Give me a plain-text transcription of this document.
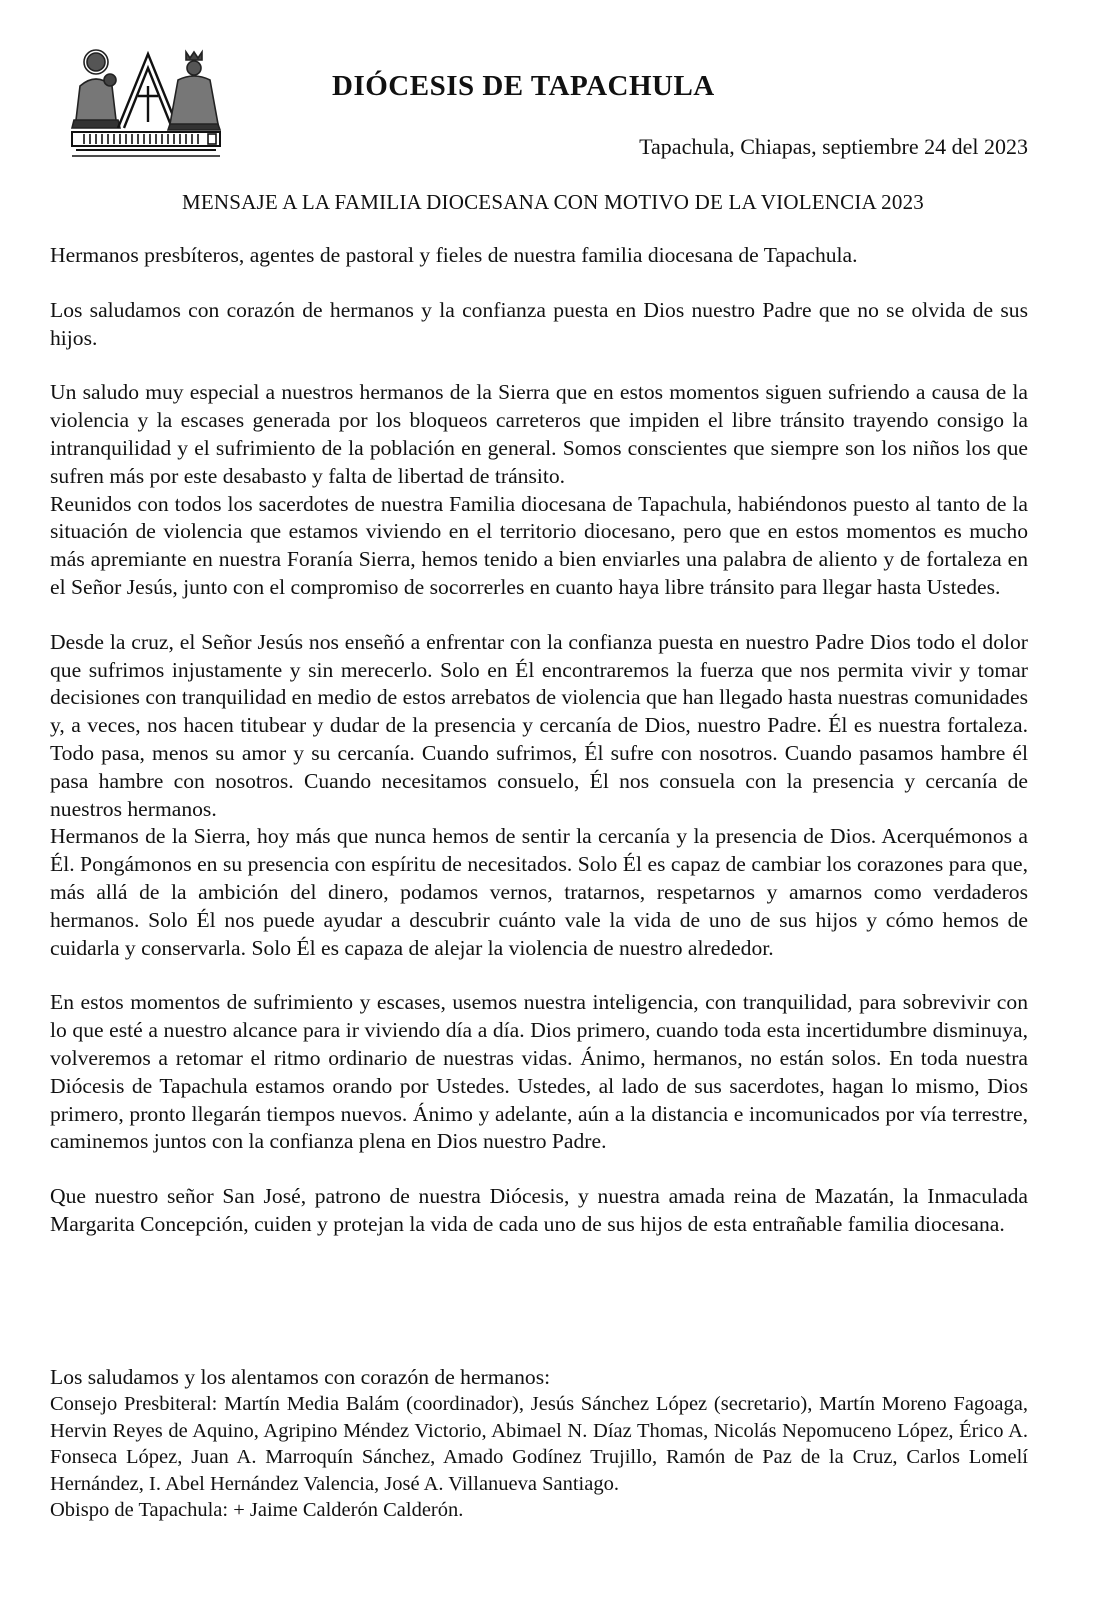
DIÓCESIS DE TAPACHULA

Tapachula, Chiapas, septiembre 24 del 2023

MENSAJE A LA FAMILIA DIOCESANA CON MOTIVO DE LA VIOLENCIA 2023

Hermanos presbíteros, agentes de pastoral y fieles de nuestra familia diocesana de Tapachula.

Los saludamos con corazón de hermanos y la confianza puesta en Dios nuestro Padre que no se olvida de sus hijos.

Un saludo muy especial a nuestros hermanos de la Sierra que en estos momentos siguen sufriendo a causa de la violencia y la escases generada por los bloqueos carreteros que impiden el libre tránsito trayendo consigo la intranquilidad y el sufrimiento de la población en general. Somos conscientes que siempre son los niños los que sufren más por este desabasto y falta de libertad de tránsito.

Reunidos con todos los sacerdotes de nuestra Familia diocesana de Tapachula, habiéndonos puesto al tanto de la situación de violencia que estamos viviendo en el territorio diocesano, pero que en estos momentos es mucho más apremiante en nuestra Foranía Sierra, hemos tenido a bien enviarles una palabra de aliento y de fortaleza en el Señor Jesús, junto con el compromiso de socorrerles en cuanto haya libre tránsito para llegar hasta Ustedes.

Desde la cruz, el Señor Jesús nos enseñó a enfrentar con la confianza puesta en nuestro Padre Dios todo el dolor que sufrimos injustamente y sin merecerlo. Solo en Él encontraremos la fuerza que nos permita vivir y tomar decisiones con tranquilidad en medio de estos arrebatos de violencia que han llegado hasta nuestras comunidades y, a veces, nos hacen titubear y dudar de la presencia y cercanía de Dios, nuestro Padre. Él es nuestra fortaleza. Todo pasa, menos su amor y su cercanía. Cuando sufrimos, Él sufre con nosotros. Cuando pasamos hambre él pasa hambre con nosotros. Cuando necesitamos consuelo, Él nos consuela con la presencia y cercanía de nuestros hermanos.

Hermanos de la Sierra, hoy más que nunca hemos de sentir la cercanía y la presencia de Dios. Acerquémonos a Él. Pongámonos en su presencia con espíritu de necesitados. Solo Él es capaz de cambiar los corazones para que, más allá de la ambición del dinero, podamos vernos, tratarnos, respetarnos y amarnos como verdaderos hermanos. Solo Él nos puede ayudar a descubrir cuánto vale la vida de uno de sus hijos y cómo hemos de cuidarla y conservarla. Solo Él es capaza de alejar la violencia de nuestro alrededor.

En estos momentos de sufrimiento y escases, usemos nuestra inteligencia, con tranquilidad, para sobrevivir con lo que esté a nuestro alcance para ir viviendo día a día. Dios primero, cuando toda esta incertidumbre disminuya, volveremos a retomar el ritmo ordinario de nuestras vidas. Ánimo, hermanos, no están solos. En toda nuestra Diócesis de Tapachula estamos orando por Ustedes. Ustedes, al lado de sus sacerdotes, hagan lo mismo, Dios primero, pronto llegarán tiempos nuevos. Ánimo y adelante, aún a la distancia e incomunicados por vía terrestre, caminemos juntos con la confianza plena en Dios nuestro Padre.

Que nuestro señor San José, patrono de nuestra Diócesis, y nuestra amada reina de Mazatán, la Inmaculada Margarita Concepción, cuiden y protejan la vida de cada uno de sus hijos de esta entrañable familia diocesana.

Los saludamos y los alentamos con corazón de hermanos:

Consejo Presbiteral: Martín Media Balám (coordinador), Jesús Sánchez López (secretario), Martín Moreno Fagoaga, Hervin Reyes de Aquino, Agripino Méndez Victorio, Abimael N. Díaz Thomas, Nicolás Nepomuceno López, Érico A. Fonseca López, Juan A. Marroquín Sánchez, Amado Godínez Trujillo, Ramón de Paz de la Cruz, Carlos Lomelí Hernández, I. Abel Hernández Valencia, José A. Villanueva Santiago.

Obispo de Tapachula: + Jaime Calderón Calderón.
